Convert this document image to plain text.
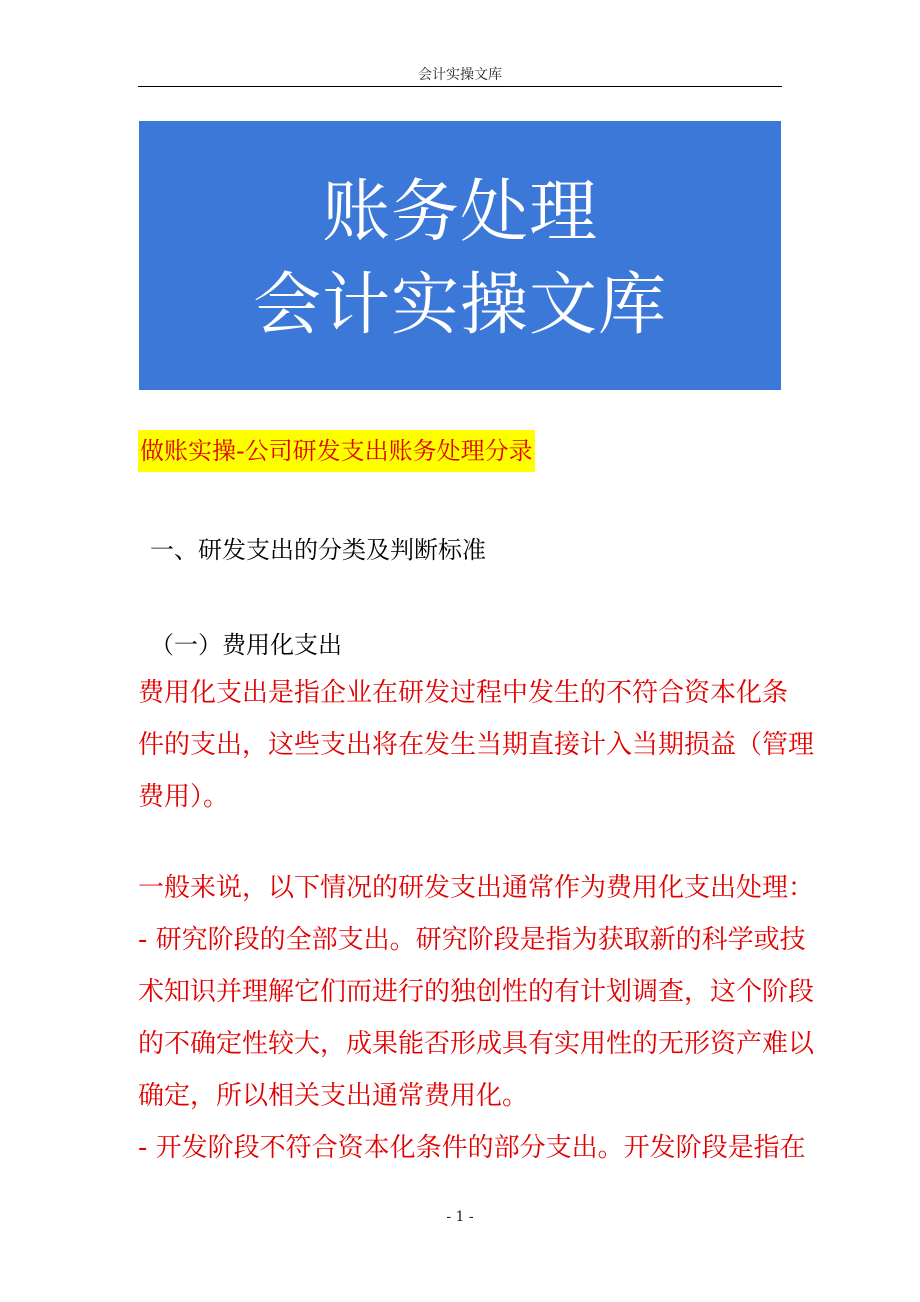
会计实操文库
账务处理
会计实操文库
做账实操-公司研发支出账务处理分录
一、研发支出的分类及判断标准
（一）费用化支出
费用化支出是指企业在研发过程中发生的不符合资本化条
件的支出，这些支出将在发生当期直接计入当期损益（管理
费用）。
一般来说，以下情况的研发支出通常作为费用化支出处理：
- 研究阶段的全部支出。研究阶段是指为获取新的科学或技
术知识并理解它们而进行的独创性的有计划调查，这个阶段
的不确定性较大，成果能否形成具有实用性的无形资产难以
确定，所以相关支出通常费用化。
- 开发阶段不符合资本化条件的部分支出。开发阶段是指在
- 1 -
